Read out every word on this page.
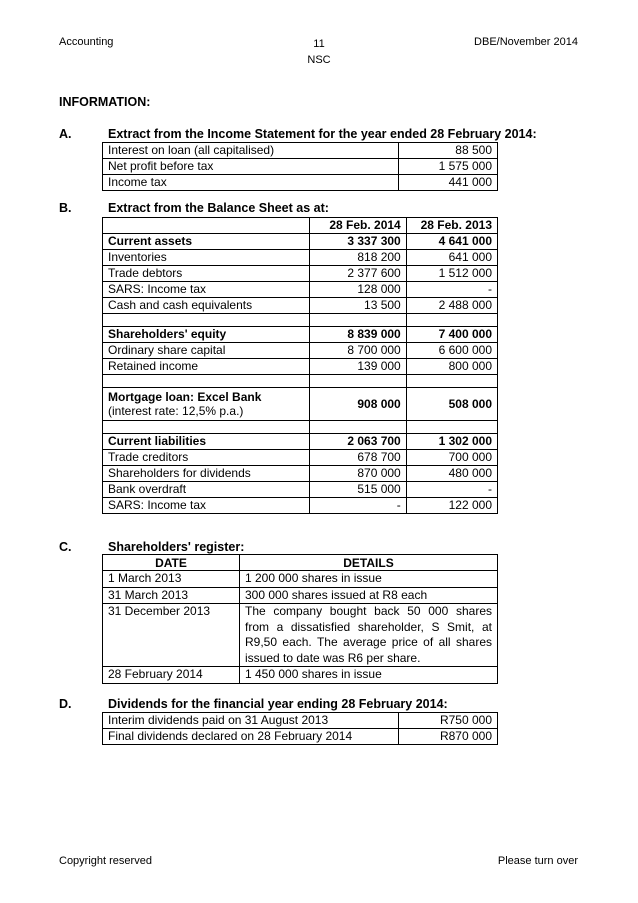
Accounting	11
NSC
DBE/November 2014
INFORMATION:
A.	Extract from the Income Statement for the year ended 28 February 2014:
Interest on loan (all capitalised)	88 500
Net profit before tax	1 575 000
Income tax	441 000
B.	Extract from the Balance Sheet as at:
	28 Feb. 2014	28 Feb. 2013
Current assets	3 337 300	4 641 000
Inventories	818 200	641 000
Trade debtors	2 377 600	1 512 000
SARS: Income tax	128 000	-
Cash and cash equivalents	13 500	2 488 000

Shareholders' equity	8 839 000	7 400 000
Ordinary share capital	8 700 000	6 600 000
Retained income	139 000	800 000

Mortgage loan: Excel Bank
(interest rate: 12,5% p.a.)	908 000	508 000

Current liabilities	2 063 700	1 302 000
Trade creditors	678 700	700 000
Shareholders for dividends	870 000	480 000
Bank overdraft	515 000	-
SARS: Income tax	-	122 000
C.	Shareholders' register:
DATE	DETAILS
1 March 2013	1 200 000 shares in issue
31 March 2013	300 000 shares issued at R8 each
31 December 2013	The company bought back 50 000 shares from a dissatisfied shareholder, S Smit, at R9,50 each. The average price of all shares issued to date was R6 per share.
28 February 2014	1 450 000 shares in issue
D.	Dividends for the financial year ending 28 February 2014:
Interim dividends paid on 31 August 2013	R750 000
Final dividends declared on 28 February 2014	R870 000
Copyright reserved	Please turn over
